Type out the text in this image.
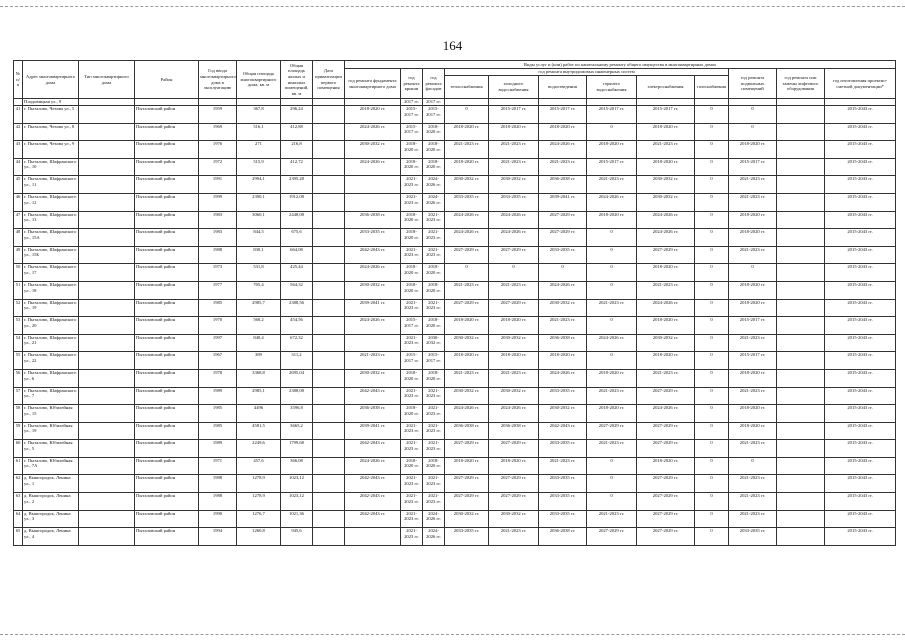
164
№ п/п	Адрес многоквартирного дома	Тип многоквартирного дома	Район	Год ввода многоквартирного дома в эксплуатацию	Общая площадь многоквартирного дома, кв. м	Общая площадь жилых и нежилых помещений, кв. м	Дата приватизации первого помещения	Виды услуг и (или) работ по капитальному ремонту общего имущества в многоквартирных домах											
								год ремонта фундамента многоквартирного дома	год ремонта крыши	год ремонта фасадов	год ремонта внутридомовых инженерных систем						год ремонта подвальных помещений	год ремонта или замены лифтового оборудования	год изготовления проектно-сметной документации*
											теплоснабжения	холодного водоснабжения	водоотведения	горячего водоснабжения	электроснабжения	газоснабжения			
	Плодовицкая ул., 9								2017 гг.	2017 гг.									
41	г. Пыталово, Чехова ул., 5		Пыталовский район	1959	367,8	296,24		2018-2020 гг.	2015-2017 гг.	2015-2017 гг.	0	2015-2017 гг.	2015-2017 гг.	2015-2017 гг.	2015-2017 гг.	0	0		2015-2043 гг.
42	г. Пыталово, Чехова ул., 8		Пыталовский район	1969	516,1	412,88		2024-2026 гг.	2015-2017 гг.	2018-2020 гг.	2018-2020 гг.	2018-2020 гг.	2018-2020 гг.	0	2018-2020 гг.	0	0		2015-2043 гг.
43	г. Пыталово, Чехова ул., 9		Пыталовский район	1976	271	216,8		2030-2032 гг.	2018-2020 гг.	2018-2020 гг.	2021-2023 гг.	2021-2023 гг.	2024-2026 гг.	2018-2020 гг.	2021-2023 гг.	0	2018-2020 гг.		2015-2043 гг.
44	г. Пыталово, Шафранского ул., 10		Пыталовский район	1972	515,9	412,72		2024-2026 гг.	2018-2020 гг.	2018-2020 гг.	2018-2020 гг.	2021-2023 гг.	2021-2023 гг.	2015-2017 гг.	2018-2020 гг.	0	2015-2017 гг.		2015-2043 гг.
45	г. Пыталово, Шафранского ул., 11		Пыталовский район	1991	2994,1	2395,28			2021-2023 гг.	2024-2026 гг.	2030-2032 гг.	2030-2032 гг.	2036-2038 гг.	2021-2023 гг.	2030-2032 гг.	0	2021-2023 гг.		2015-2043 гг.
46	г. Пыталово, Шафранского ул., 12		Пыталовский район	1999	2390,1	1912,08			2021-2023 гг.	2024-2026 гг.	2033-2035 гг.	2033-2035 гг.	2039-2041 гг.	2024-2026 гг.	2030-2032 гг.	0	2021-2023 гг.		2015-2043 гг.
47	г. Пыталово, Шафранского ул., 13		Пыталовский район	1983	3060,1	2448,08		2036-2038 гг.	2018-2020 гг.	2021-2023 гг.	2024-2026 гг.	2024-2026 гг.	2027-2029 гг.	2018-2020 гг.	2024-2026 гг.	0	2018-2020 гг.		2015-2043 гг.
48	г. Пыталово, Шафранского ул., 15А		Пыталовский район	1983	844,5	675,6		2033-2035 гг.	2018-2020 гг.	2021-2023 гг.	2024-2026 гг.	2024-2026 гг.	2027-2029 гг.	0	2024-2026 гг.	0	2018-2020 гг.		2015-2043 гг.
49	г. Пыталово, Шафранского ул., 15Б		Пыталовский район	1988	830,1	664,08		2042-2043 гг.	2021-2023 гг.	2021-2023 гг.	2027-2029 гг.	2027-2029 гг.	2033-2035 гг.	0	2027-2029 гг.	0	2021-2023 гг.		2015-2043 гг.
50	г. Пыталово, Шафранского ул., 17		Пыталовский район	1973	531,8	425,44		2024-2026 гг.	2018-2020 гг.	2018-2020 гг.	0	0	0	0	2018-2020 гг.	0	0		2015-2043 гг.
51	г. Пыталово, Шафранского ул., 18		Пыталовский район	1977	705,4	564,32		2030-2032 гг.	2018-2020 гг.	2018-2020 гг.	2021-2023 гг.	2021-2023 гг.	2024-2026 гг.	0	2021-2023 гг.	0	2018-2020 гг.		2015-2043 гг.
52	г. Пыталово, Шафранского ул., 19		Пыталовский район	1985	2985,7	2388,56		2039-2041 гг.	2021-2023 гг.	2021-2023 гг.	2027-2029 гг.	2027-2029 гг.	2030-2032 гг.	2021-2023 гг.	2024-2026 гг.	0	2018-2020 гг.		2015-2043 гг.
53	г. Пыталово, Шафранского ул., 20		Пыталовский район	1970	568,2	454,56		2024-2026 гг.	2015-2017 гг.	2018-2020 гг.	2018-2020 гг.	2018-2020 гг.	2021-2023 гг.	0	2018-2020 гг.	0	2015-2017 гг.		2015-2043 гг.
54	г. Пыталово, Шафранского ул., 21		Пыталовский район	1997	840,4	672,32			2021-2023 гг.	2030-2032 гг.	2030-2032 гг.	2030-2032 гг.	2036-2038 гг.	2024-2026 гг.	2030-2032 гг.	0	2021-2023 гг.		2015-2043 гг.
55	г. Пыталово, Шафранского ул., 22		Пыталовский район	1967	389	311,2		2021-2023 гг.	2015-2017 гг.	2015-2017 гг.	2018-2020 гг.	2018-2020 гг.	2018-2020 гг.	0	2018-2020 гг.	0	2015-2017 гг.		2015-2043 гг.
56	г. Пыталово, Шафранского ул., 6		Пыталовский район	1978	3368,8	2695,04		2030-2032 гг.	2018-2020 гг.	2018-2020 гг.	2021-2023 гг.	2021-2023 гг.	2024-2026 гг.	2018-2020 гг.	2021-2023 гг.	0	2018-2020 гг.		2015-2043 гг.
57	г. Пыталово, Шафранского ул., 7		Пыталовский район	1989	2985,1	2388,08		2042-2043 гг.	2021-2023 гг.	2021-2023 гг.	2030-2032 гг.	2030-2032 гг.	2033-2035 гг.	2021-2023 гг.	2027-2029 гг.	0	2021-2023 гг.		2015-2043 гг.
58	г. Пыталово, Юбилейная ул., 15		Пыталовский район	1985	4496	3596,8		2036-2038 гг.	2018-2020 гг.	2021-2023 гг.	2024-2026 гг.	2024-2026 гг.	2030-2032 гг.	2018-2020 гг.	2024-2026 гг.	0	2018-2020 гг.		2015-2043 гг.
59	г. Пыталово, Юбилейная ул., 19		Пыталовский район	1985	4581,5	3665,2		2039-2041 гг.	2021-2023 гг.	2021-2023 гг.	2036-2038 гг.	2036-2038 гг.	2042-2043 гг.	2027-2029 гг.	2027-2029 гг.	0	2018-2020 гг.		2015-2043 гг.
60	г. Пыталово, Юбилейная ул., 5		Пыталовский район	1989	2249,6	1799,68		2042-2043 гг.	2021-2023 гг.	2021-2023 гг.	2027-2029 гг.	2027-2029 гг.	2033-2035 гг.	2021-2023 гг.	2027-2029 гг.	0	2021-2023 гг.		2015-2043 гг.
61	г. Пыталово, Юбилейная ул., 7А		Пыталовский район	1971	457,6	366,08		2024-2026 гг.	2018-2020 гг.	2018-2020 гг.	2018-2020 гг.	2018-2020 гг.	2021-2023 гг.	0	2018-2020 гг.	0	0		2015-2043 гг.
62	д. Вышгородок, Ленина ул., 1		Пыталовский район	1988	1278,9	1023,12		2042-2043 гг.	2021-2023 гг.	2021-2023 гг.	2027-2029 гг.	2027-2029 гг.	2033-2035 гг.	0	2027-2029 гг.	0	2021-2023 гг.		2015-2043 гг.
63	д. Вышгородок, Ленина ул., 2		Пыталовский район	1988	1278,9	1023,12		2042-2043 гг.	2021-2023 гг.	2021-2023 гг.	2027-2029 гг.	2027-2029 гг.	2033-2035 гг.	0	2027-2029 гг.	0	2021-2023 гг.		2015-2043 гг.
64	д. Вышгородок, Ленина ул., 3		Пыталовский район	1990	1276,7	1021,36		2042-2043 гг.	2021-2023 гг.	2024-2026 гг.	2030-2032 гг.	2030-2032 гг.	2033-2035 гг.	2021-2023 гг.	2027-2029 гг.	0	2021-2023 гг.		2015-2043 гг.
65	д. Вышгородок, Ленина ул., 4		Пыталовский район	1994	1260,8	945,6			2021-2023 гг.	2024-2026 гг.	2033-2035 гг.	2021-2023 гг.	2036-2038 гг.	2027-2029 гг.	2027-2029 гг.	0	2033-2035 гг.		2015-2043 гг.
